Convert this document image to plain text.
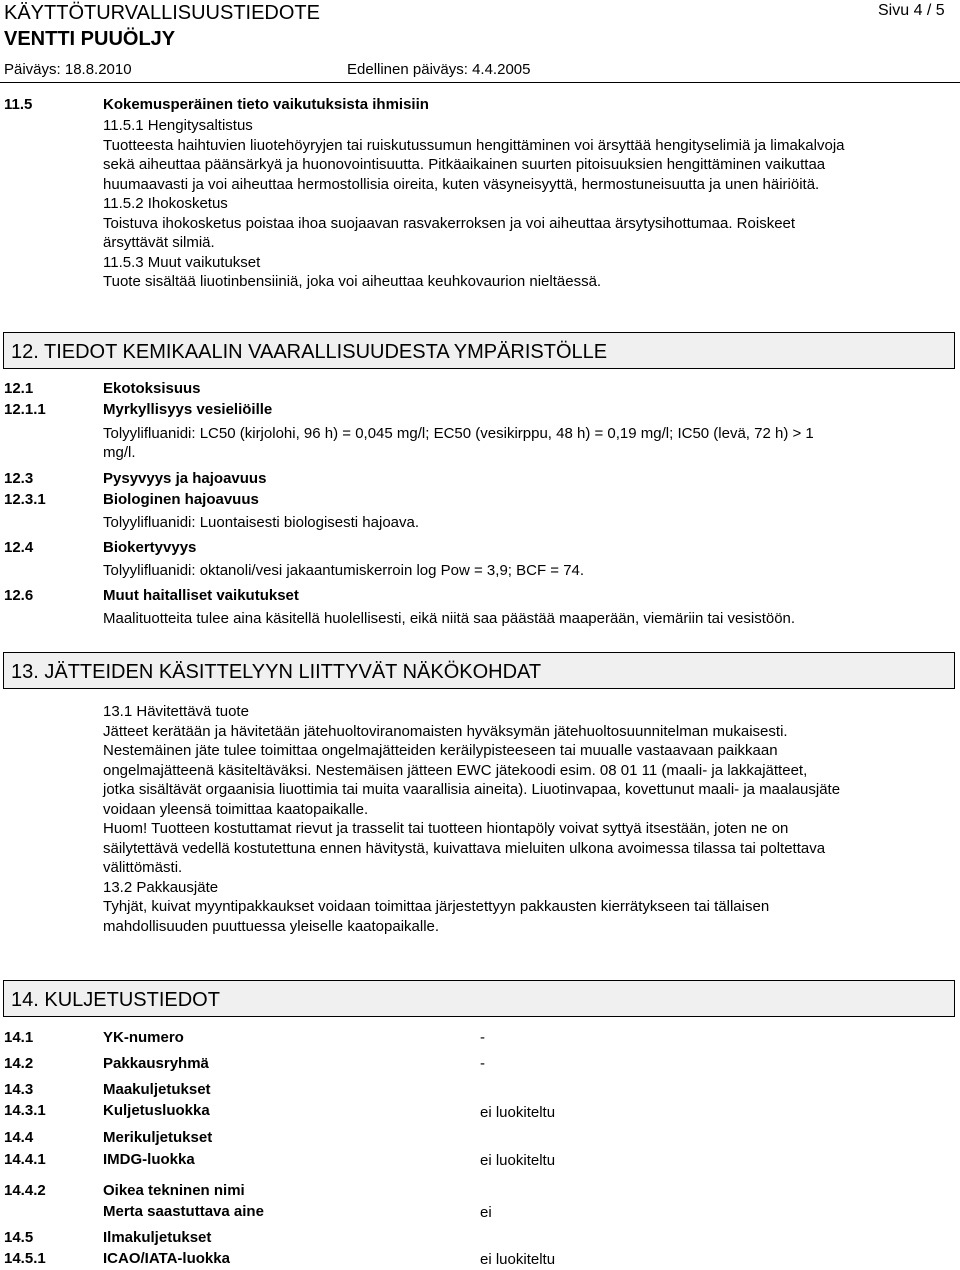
KÄYTTÖTURVALLISUUSTIEDOTE
VENTTI PUUÖLJY
Sivu 4 / 5
Päiväys: 18.8.2010	Edellinen päiväys: 4.4.2005
11.5	Kokemusperäinen tieto vaikutuksista ihmisiin
11.5.1 Hengitysaltistus
Tuotteesta haihtuvien liuotehöyryjen tai ruiskutussumun hengittäminen voi ärsyttää hengityselimiä ja limakalvoja
sekä aiheuttaa päänsärkyä ja huonovointisuutta. Pitkäaikainen suurten pitoisuuksien hengittäminen vaikuttaa
huumaavasti ja voi aiheuttaa hermostollisia oireita, kuten väsyneisyyttä, hermostuneisuutta ja unen häiriöitä.
11.5.2 Ihokosketus
Toistuva ihokosketus poistaa ihoa suojaavan rasvakerroksen ja voi aiheuttaa ärsytysihottumaa. Roiskeet
ärsyttävät silmiä.
11.5.3 Muut vaikutukset
Tuote sisältää liuotinbensiiniä, joka voi aiheuttaa keuhkovaurion nieltäessä.
12. TIEDOT KEMIKAALIN VAARALLISUUDESTA YMPÄRISTÖLLE
12.1	Ekotoksisuus
12.1.1	Myrkyllisyys vesieliöille
Tolyylifluanidi: LC50 (kirjolohi, 96 h) = 0,045 mg/l; EC50 (vesikirppu, 48 h) = 0,19 mg/l; IC50 (levä, 72 h) > 1
mg/l.
12.3	Pysyvyys ja hajoavuus
12.3.1	Biologinen hajoavuus
Tolyylifluanidi: Luontaisesti biologisesti hajoava.
12.4	Biokertyvyys
Tolyylifluanidi: oktanoli/vesi jakaantumiskerroin log Pow = 3,9; BCF = 74.
12.6	Muut haitalliset vaikutukset
Maalituotteita tulee aina käsitellä huolellisesti, eikä niitä saa päästää maaperään, viemäriin tai vesistöön.
13. JÄTTEIDEN KÄSITTELYYN LIITTYVÄT NÄKÖKOHDAT
13.1 Hävitettävä tuote
Jätteet kerätään ja hävitetään jätehuoltoviranomaisten hyväksymän jätehuoltosuunnitelman mukaisesti.
Nestemäinen jäte tulee toimittaa ongelmajätteiden keräilypisteeseen tai muualle vastaavaan paikkaan
ongelmajätteenä käsiteltäväksi. Nestemäisen jätteen EWC jätekoodi esim. 08 01 11 (maali- ja lakkajätteet,
jotka sisältävät orgaanisia liuottimia tai muita vaarallisia aineita). Liuotinvapaa, kovettunut maali- ja maalausjäte
voidaan yleensä toimittaa kaatopaikalle.
Huom! Tuotteen kostuttamat rievut ja trasselit tai tuotteen hiontapöly voivat syttyä itsestään, joten ne on
säilytettävä vedellä kostutettuna ennen hävitystä, kuivattava mieluiten ulkona avoimessa tilassa tai poltettava
välittömästi.
13.2 Pakkausjäte
Tyhjät, kuivat myyntipakkaukset voidaan toimittaa järjestettyyn pakkausten kierrätykseen tai tällaisen
mahdollisuuden puuttuessa yleiselle kaatopaikalle.
14. KULJETUSTIEDOT
14.1	YK-numero	-
14.2	Pakkausryhmä	-
14.3	Maakuljetukset
14.3.1	Kuljetusluokka	ei luokiteltu
14.4	Merikuljetukset
14.4.1	IMDG-luokka	ei luokiteltu
14.4.2	Oikea tekninen nimi
Merta saastuttava aine	ei
14.5	Ilmakuljetukset
14.5.1	ICAO/IATA-luokka	ei luokiteltu
